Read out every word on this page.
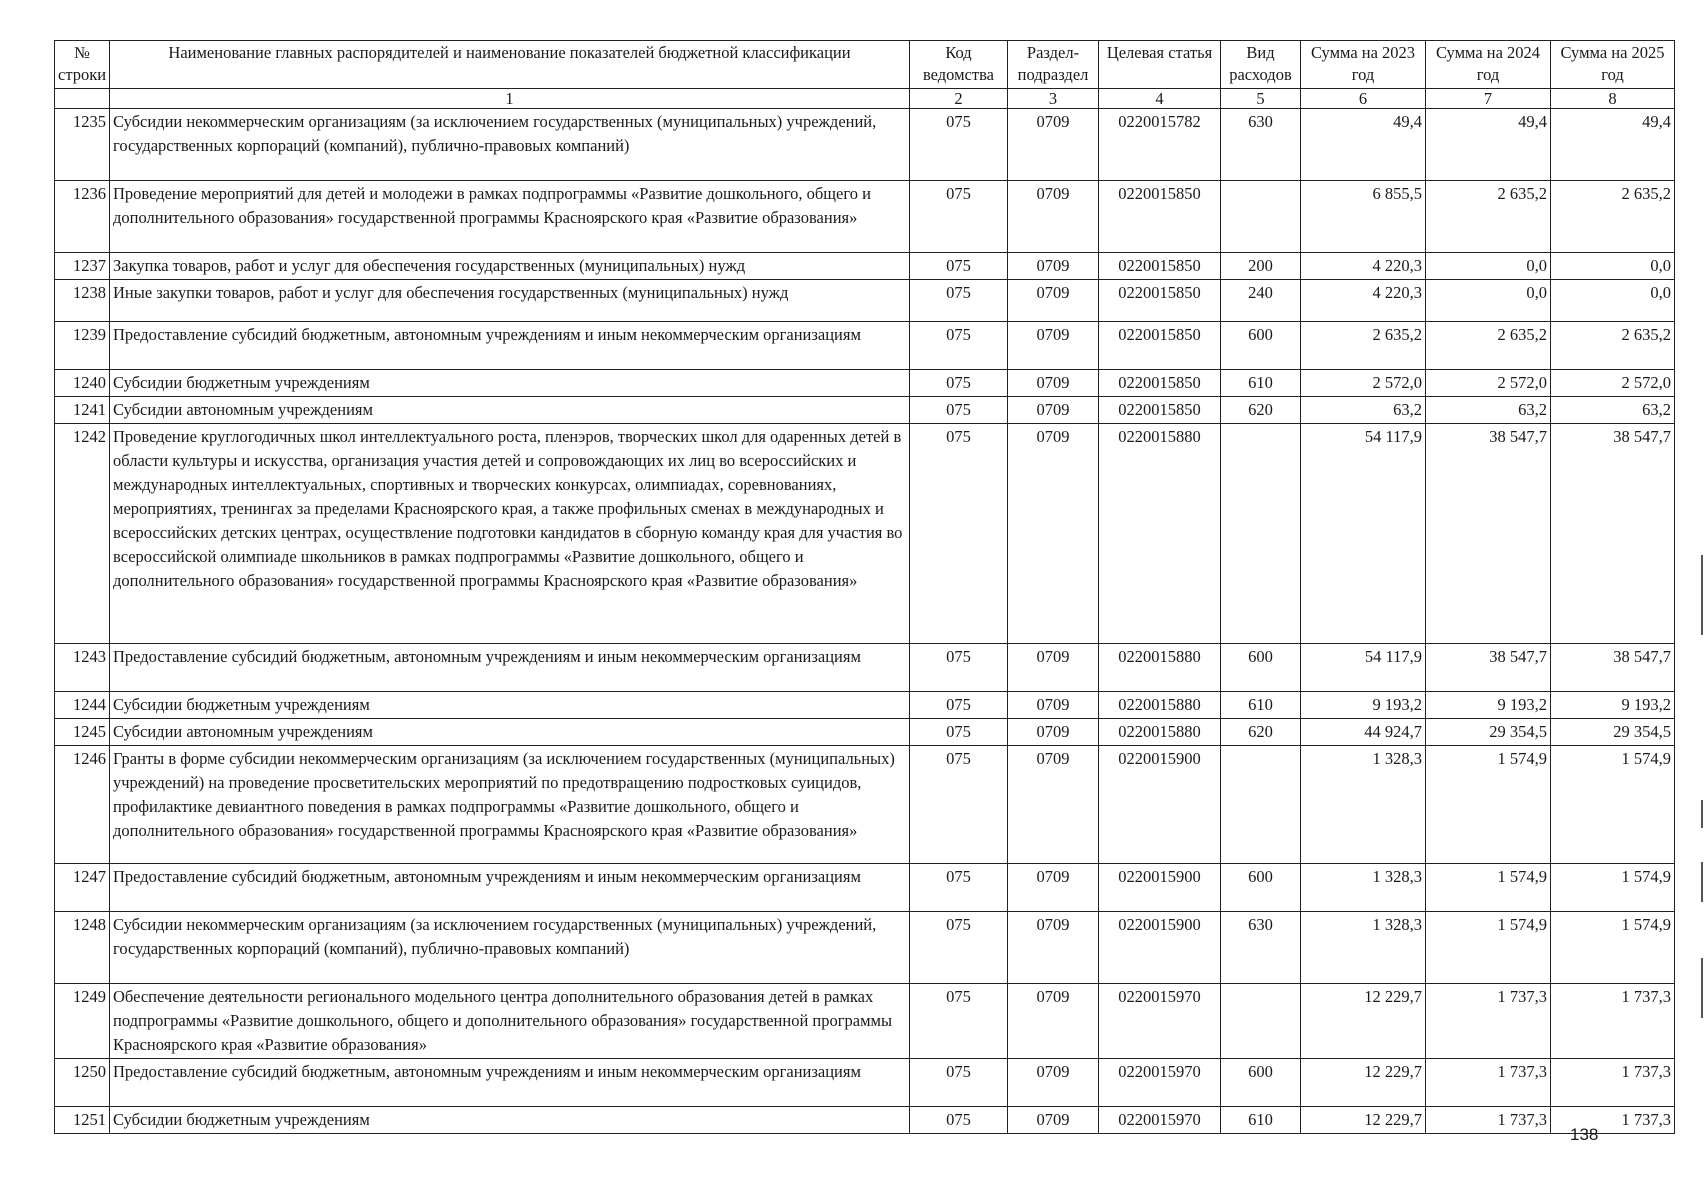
№ строки	Наименование главных распорядителей и наименование показателей бюджетной классификации	Код ведомства	Раздел-подраздел	Целевая статья	Вид расходов	Сумма на 2023 год	Сумма на 2024 год	Сумма на 2025 год
	1	2	3	4	5	6	7	8
1235	Субсидии некоммерческим организациям (за исключением государственных (муниципальных) учреждений, государственных корпораций (компаний), публично-правовых компаний)	075	0709	0220015782	630	49,4	49,4	49,4
1236	Проведение мероприятий для детей и молодежи в рамках подпрограммы «Развитие дошкольного, общего и дополнительного образования» государственной программы Красноярского края «Развитие образования»	075	0709	0220015850		6 855,5	2 635,2	2 635,2
1237	Закупка товаров, работ и услуг для обеспечения государственных (муниципальных) нужд	075	0709	0220015850	200	4 220,3	0,0	0,0
1238	Иные закупки товаров, работ и услуг для обеспечения государственных (муниципальных) нужд	075	0709	0220015850	240	4 220,3	0,0	0,0
1239	Предоставление субсидий бюджетным, автономным учреждениям и иным некоммерческим организациям	075	0709	0220015850	600	2 635,2	2 635,2	2 635,2
1240	Субсидии бюджетным учреждениям	075	0709	0220015850	610	2 572,0	2 572,0	2 572,0
1241	Субсидии автономным учреждениям	075	0709	0220015850	620	63,2	63,2	63,2
1242	Проведение круглогодичных школ интеллектуального роста, пленэров, творческих школ для одаренных детей в области культуры и искусства, организация участия детей и сопровождающих их лиц во всероссийских и международных интеллектуальных, спортивных и творческих конкурсах, олимпиадах, соревнованиях, мероприятиях, тренингах за пределами Красноярского края, а также профильных сменах в международных и всероссийских детских центрах, осуществление подготовки кандидатов в сборную команду края для участия во всероссийской олимпиаде школьников в рамках подпрограммы «Развитие дошкольного, общего и дополнительного образования» государственной программы Красноярского края «Развитие образования»	075	0709	0220015880		54 117,9	38 547,7	38 547,7
1243	Предоставление субсидий бюджетным, автономным учреждениям и иным некоммерческим организациям	075	0709	0220015880	600	54 117,9	38 547,7	38 547,7
1244	Субсидии бюджетным учреждениям	075	0709	0220015880	610	9 193,2	9 193,2	9 193,2
1245	Субсидии автономным учреждениям	075	0709	0220015880	620	44 924,7	29 354,5	29 354,5
1246	Гранты в форме субсидии некоммерческим организациям (за исключением государственных (муниципальных) учреждений) на проведение просветительских мероприятий по предотвращению подростковых суицидов, профилактике девиантного поведения в рамках подпрограммы «Развитие дошкольного, общего и дополнительного образования» государственной программы Красноярского края «Развитие образования»	075	0709	0220015900		1 328,3	1 574,9	1 574,9
1247	Предоставление субсидий бюджетным, автономным учреждениям и иным некоммерческим организациям	075	0709	0220015900	600	1 328,3	1 574,9	1 574,9
1248	Субсидии некоммерческим организациям (за исключением государственных (муниципальных) учреждений, государственных корпораций (компаний), публично-правовых компаний)	075	0709	0220015900	630	1 328,3	1 574,9	1 574,9
1249	Обеспечение деятельности регионального модельного центра дополнительного образования детей в рамках подпрограммы «Развитие дошкольного, общего и дополнительного образования» государственной программы Красноярского края «Развитие образования»	075	0709	0220015970		12 229,7	1 737,3	1 737,3
1250	Предоставление субсидий бюджетным, автономным учреждениям и иным некоммерческим организациям	075	0709	0220015970	600	12 229,7	1 737,3	1 737,3
1251	Субсидии бюджетным учреждениям	075	0709	0220015970	610	12 229,7	1 737,3	1 737,3
138
